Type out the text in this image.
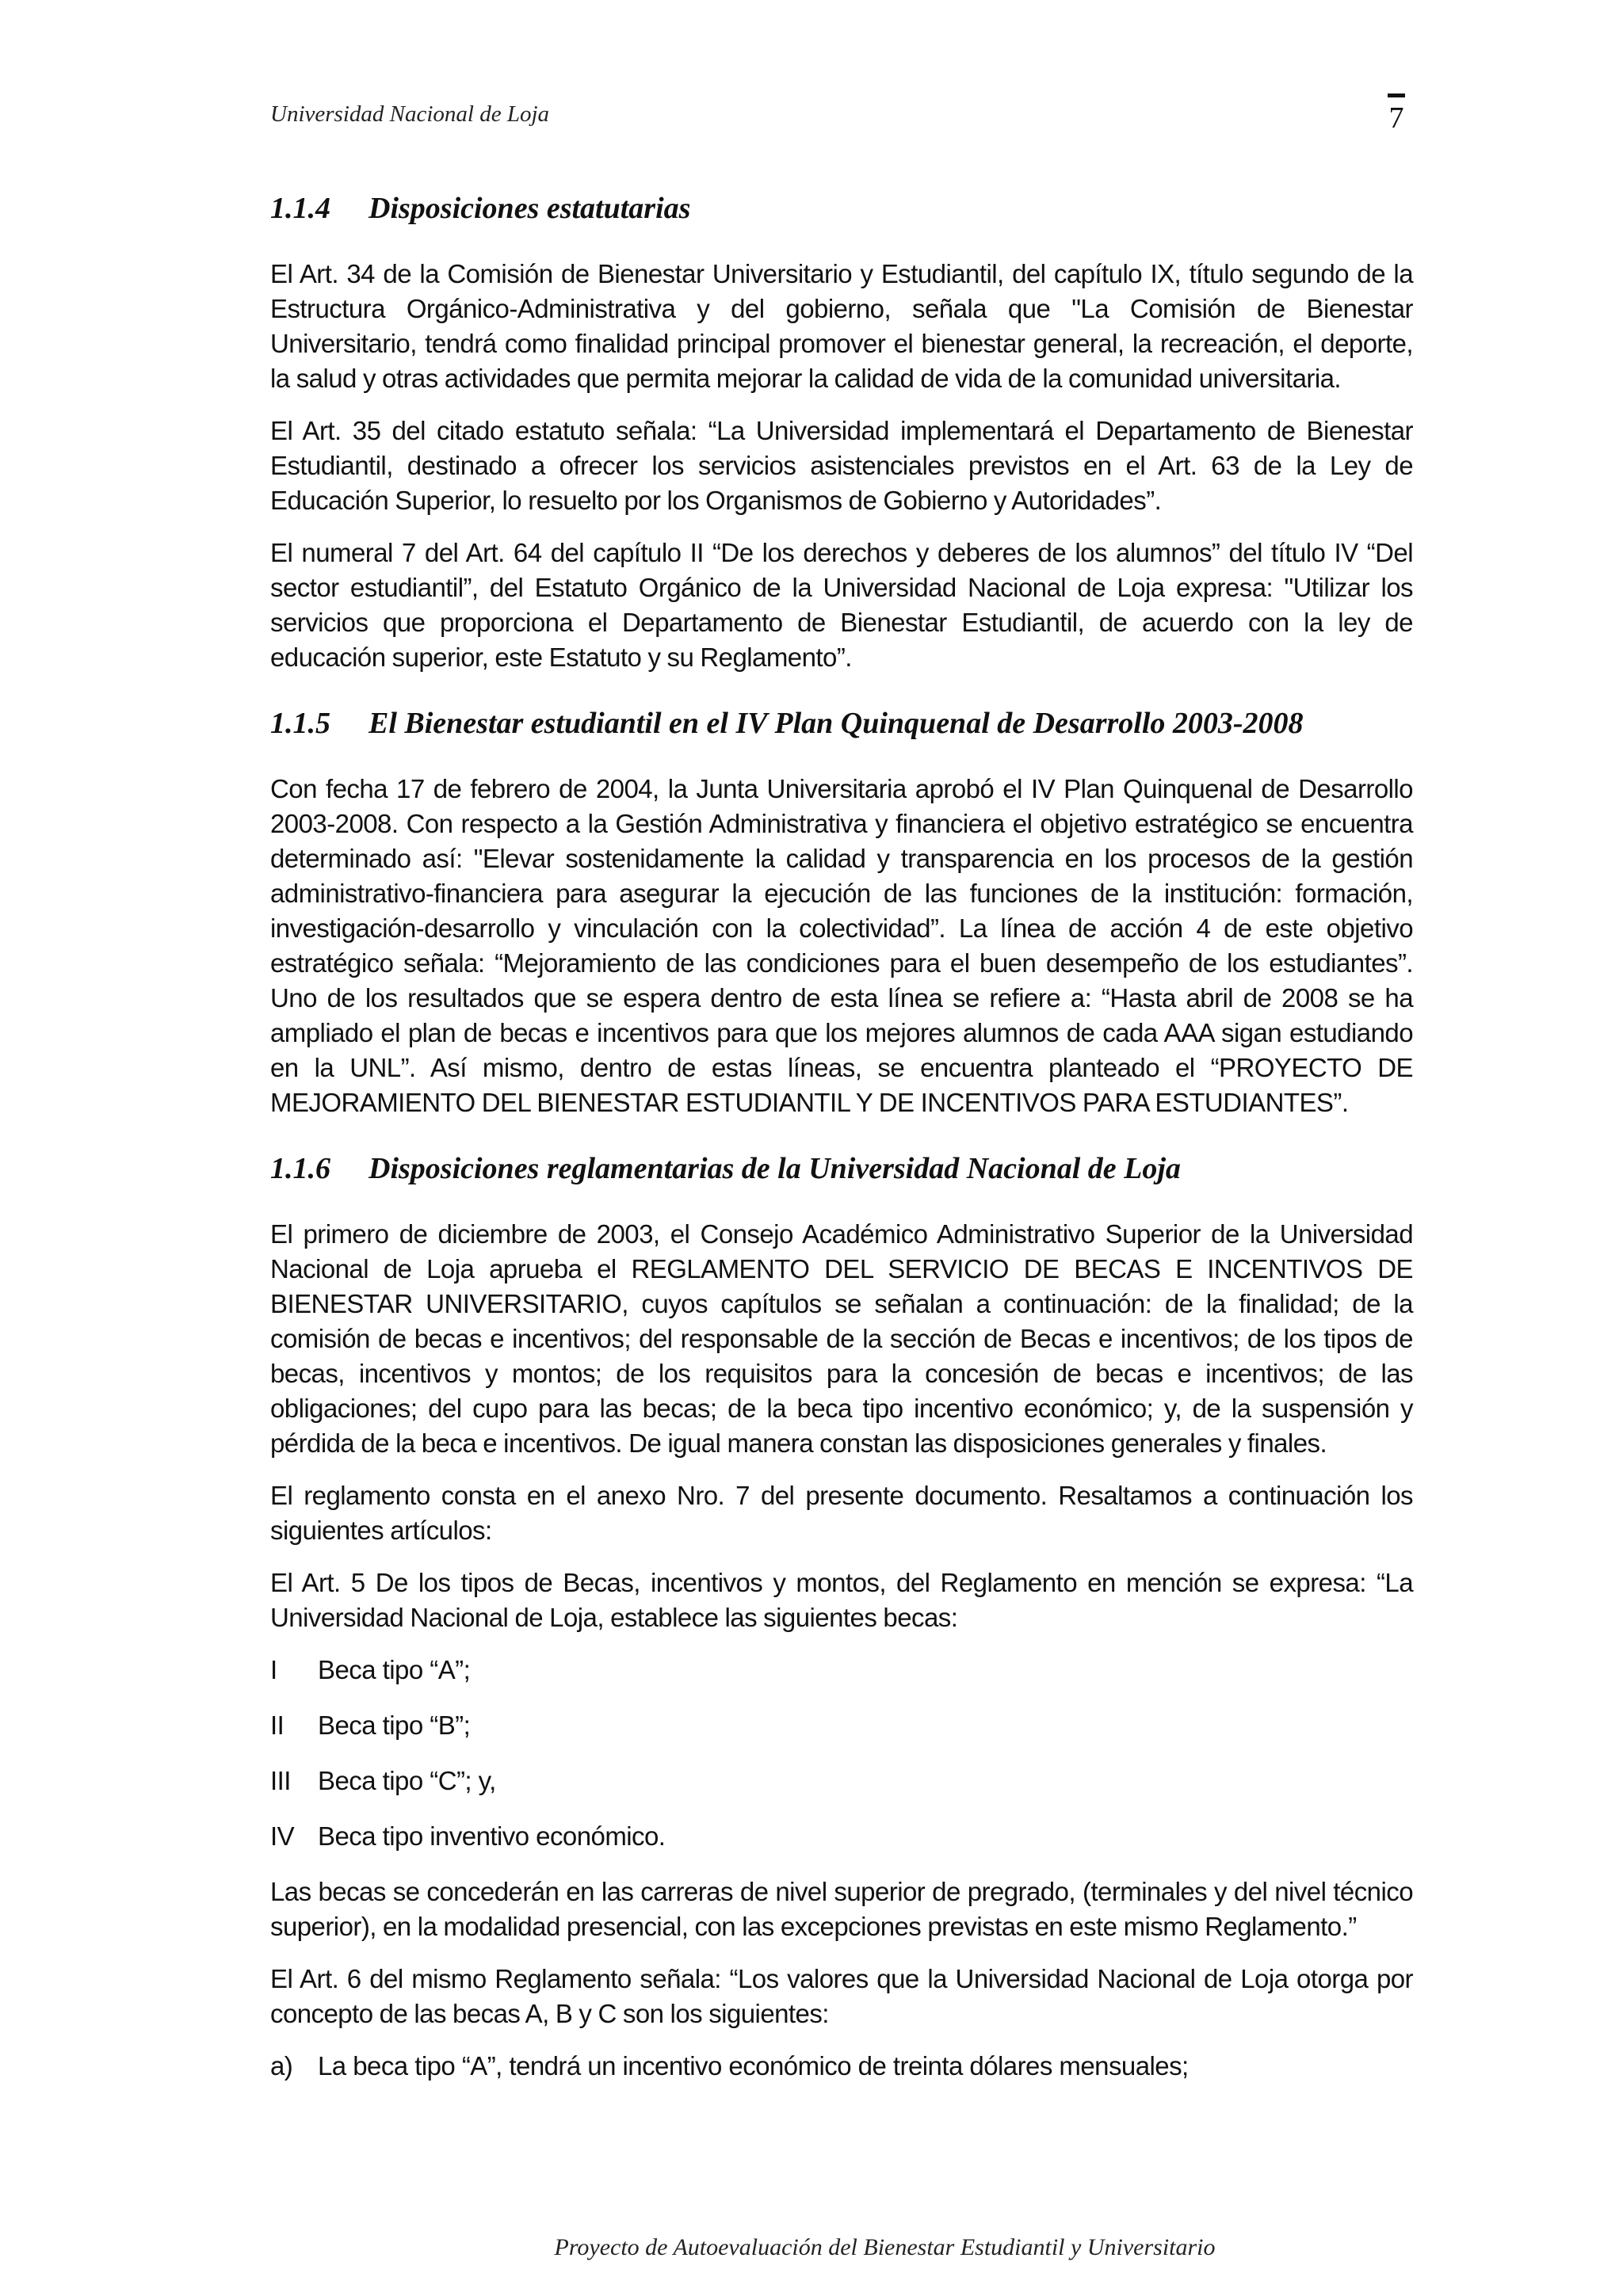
Universidad Nacional de Loja	7
1.1.4 Disposiciones estatutarias

El Art. 34 de la Comisión de Bienestar Universitario y Estudiantil, del capítulo IX, título segundo de la Estructura Orgánico-Administrativa y del gobierno, señala que "La Comisión de Bienestar Universitario, tendrá como finalidad principal promover el bienestar general, la recreación, el deporte, la salud y otras actividades que permita mejorar la calidad de vida de la comunidad universitaria.

El Art. 35 del citado estatuto señala: “La Universidad implementará el Departamento de Bienestar Estudiantil, destinado a ofrecer los servicios asistenciales previstos en el Art. 63 de la Ley de Educación Superior, lo resuelto por los Organismos de Gobierno y Autoridades”.

El numeral 7 del Art. 64 del capítulo II “De los derechos y deberes de los alumnos” del título IV “Del sector estudiantil”, del Estatuto Orgánico de la Universidad Nacional de Loja expresa: "Utilizar los servicios que proporciona el Departamento de Bienestar Estudiantil, de acuerdo con la ley de educación superior, este Estatuto y su Reglamento”.

1.1.5 El Bienestar estudiantil en el IV Plan Quinquenal de Desarrollo 2003-2008

Con fecha 17 de febrero de 2004, la Junta Universitaria aprobó el IV Plan Quinquenal de Desarrollo 2003-2008. Con respecto a la Gestión Administrativa y financiera el objetivo estratégico se encuentra determinado así: "Elevar sostenidamente la calidad y transparencia en los procesos de la gestión administrativo-financiera para asegurar la ejecución de las funciones de la institución: formación, investigación-desarrollo y vinculación con la colectividad”. La línea de acción 4 de este objetivo estratégico señala: “Mejoramiento de las condiciones para el buen desempeño de los estudiantes”. Uno de los resultados que se espera dentro de esta línea se refiere a: “Hasta abril de 2008 se ha ampliado el plan de becas e incentivos para que los mejores alumnos de cada AAA sigan estudiando en la UNL”. Así mismo, dentro de estas líneas, se encuentra planteado el “PROYECTO DE MEJORAMIENTO DEL BIENESTAR ESTUDIANTIL Y DE INCENTIVOS PARA ESTUDIANTES”.

1.1.6 Disposiciones reglamentarias de la Universidad Nacional de Loja

El primero de diciembre de 2003, el Consejo Académico Administrativo Superior de la Universidad Nacional de Loja aprueba el REGLAMENTO DEL SERVICIO DE BECAS E INCENTIVOS DE BIENESTAR UNIVERSITARIO, cuyos capítulos se señalan a continuación: de la finalidad; de la comisión de becas e incentivos; del responsable de la sección de Becas e incentivos; de los tipos de becas, incentivos y montos; de los requisitos para la concesión de becas e incentivos; de las obligaciones; del cupo para las becas; de la beca tipo incentivo económico; y, de la suspensión y pérdida de la beca e incentivos. De igual manera constan las disposiciones generales y finales.

El reglamento consta en el anexo Nro. 7 del presente documento. Resaltamos a continuación los siguientes artículos:

El Art. 5 De los tipos de Becas, incentivos y montos, del Reglamento en mención se expresa: “La Universidad Nacional de Loja, establece las siguientes becas:

I	Beca tipo “A”;
II	Beca tipo “B”;
III	Beca tipo “C”; y,
IV Beca tipo inventivo económico.

Las becas se concederán en las carreras de nivel superior de pregrado, (terminales y del nivel técnico superior), en la modalidad presencial, con las excepciones previstas en este mismo Reglamento.”

El Art. 6 del mismo Reglamento señala: “Los valores que la Universidad Nacional de Loja otorga por concepto de las becas A, B y C son los siguientes:

a) La beca tipo “A”, tendrá un incentivo económico de treinta dólares mensuales;
Proyecto de Autoevaluación del Bienestar Estudiantil y Universitario
